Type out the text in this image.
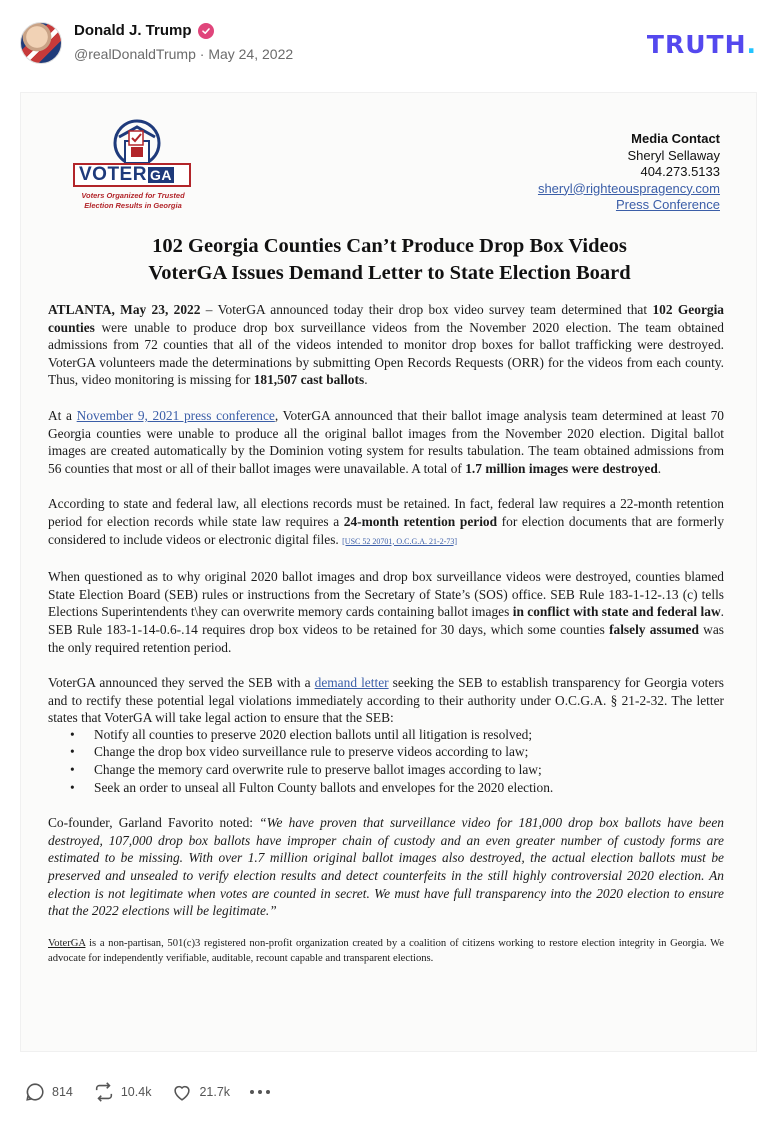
Donald J. Trump
@realDonaldTrump · May 24, 2022	TRUTH.
VOTER GA
Voters Organized for Trusted
Election Results in Georgia
Media Contact
Sheryl Sellaway
404.273.5133
sheryl@righteouspragency.com
Press Conference
102 Georgia Counties Can’t Produce Drop Box Videos
VoterGA Issues Demand Letter to State Election Board

ATLANTA, May 23, 2022 – VoterGA announced today their drop box video survey team determined that 102 Georgia counties were unable to produce drop box surveillance videos from the November 2020 election. The team obtained admissions from 72 counties that all of the videos intended to monitor drop boxes for ballot trafficking were destroyed. VoterGA volunteers made the determinations by submitting Open Records Requests (ORR) for the videos from each county. Thus, video monitoring is missing for 181,507 cast ballots.

At a November 9, 2021 press conference, VoterGA announced that their ballot image analysis team determined at least 70 Georgia counties were unable to produce all the original ballot images from the November 2020 election. Digital ballot images are created automatically by the Dominion voting system for results tabulation. The team obtained admissions from 56 counties that most or all of their ballot images were unavailable. A total of 1.7 million images were destroyed.

According to state and federal law, all elections records must be retained. In fact, federal law requires a 22-month retention period for election records while state law requires a 24-month retention period for election documents that are formerly considered to include videos or electronic digital files. [USC 52 20701, O.C.G.A. 21-2-73]

When questioned as to why original 2020 ballot images and drop box surveillance videos were destroyed, counties blamed State Election Board (SEB) rules or instructions from the Secretary of State’s (SOS) office. SEB Rule 183-1-12-.13 (c) tells Elections Superintendents t\hey can overwrite memory cards containing ballot images in conflict with state and federal law. SEB Rule 183-1-14-0.6-.14 requires drop box videos to be retained for 30 days, which some counties falsely assumed was the only required retention period.

VoterGA announced they served the SEB with a demand letter seeking the SEB to establish transparency for Georgia voters and to rectify these potential legal violations immediately according to their authority under O.C.G.A. § 21-2-32. The letter states that VoterGA will take legal action to ensure that the SEB:

• Notify all counties to preserve 2020 election ballots until all litigation is resolved;
• Change the drop box video surveillance rule to preserve videos according to law;
• Change the memory card overwrite rule to preserve ballot images according to law;
• Seek an order to unseal all Fulton County ballots and envelopes for the 2020 election.

Co-founder, Garland Favorito noted: “We have proven that surveillance video for 181,000 drop box ballots have been destroyed, 107,000 drop box ballots have improper chain of custody and an even greater number of custody forms are estimated to be missing. With over 1.7 million original ballot images also destroyed, the actual election ballots must be preserved and unsealed to verify election results and detect counterfeits in the still highly controversial 2020 election. An election is not legitimate when votes are counted in secret. We must have full transparency into the 2020 election to ensure that the 2022 elections will be legitimate.”

VoterGA is a non-partisan, 501(c)3 registered non-profit organization created by a coalition of citizens working to restore election integrity in Georgia. We advocate for independently verifiable, auditable, recount capable and transparent elections.

814	10.4k	21.7k
